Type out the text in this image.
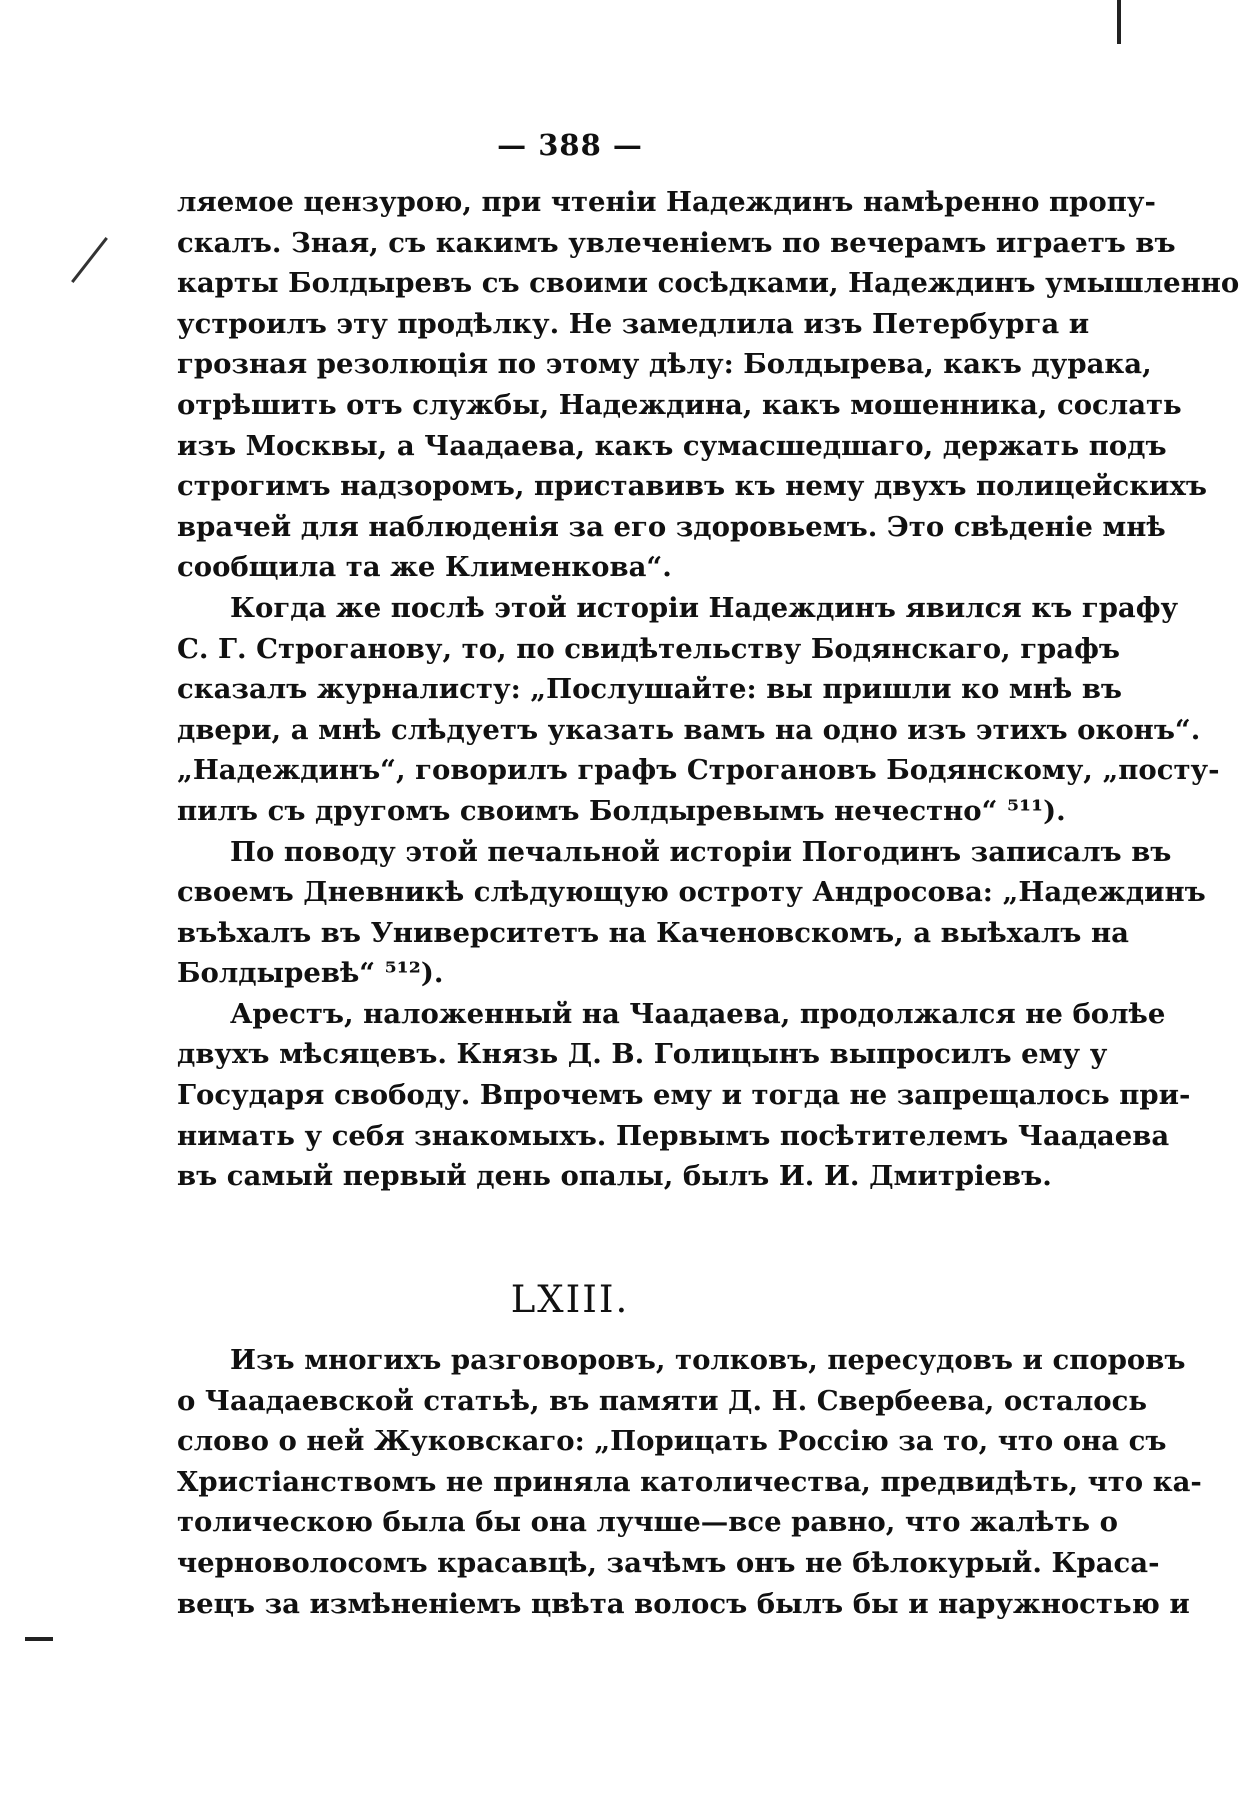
— 388 —
ляемое цензурою, при чтеніи Надеждинъ намѣренно пропу-
скалъ. Зная, съ какимъ увлеченіемъ по вечерамъ играетъ въ
карты Болдыревъ съ своими сосѣдками, Надеждинъ умышленно
устроилъ эту продѣлку. Не замедлила изъ Петербурга и
грозная резолюція по этому дѣлу: Болдырева, какъ дурака,
отрѣшить отъ службы, Надеждина, какъ мошенника, сослать
изъ Москвы, а Чаадаева, какъ сумасшедшаго, держать подъ
строгимъ надзоромъ, приставивъ къ нему двухъ полицейскихъ
врачей для наблюденія за его здоровьемъ. Это свѣденіе мнѣ
сообщила та же Клименкова“.
Когда же послѣ этой исторіи Надеждинъ явился къ графу
С. Г. Строганову, то, по свидѣтельству Бодянскаго, графъ
сказалъ журналисту: „Послушайте: вы пришли ко мнѣ въ
двери, а мнѣ слѣдуетъ указать вамъ на одно изъ этихъ оконъ“.
„Надеждинъ“, говорилъ графъ Строгановъ Бодянскому, „посту-
пилъ съ другомъ своимъ Болдыревымъ нечестно“ ⁵¹¹).
По поводу этой печальной исторіи Погодинъ записалъ въ
своемъ Дневникѣ слѣдующую остроту Андросова: „Надеждинъ
въѣхалъ въ Университетъ на Каченовскомъ, а выѣхалъ на
Болдыревѣ“ ⁵¹²).
Арестъ, наложенный на Чаадаева, продолжался не болѣе
двухъ мѣсяцевъ. Князь Д. В. Голицынъ выпросилъ ему у
Государя свободу. Впрочемъ ему и тогда не запрещалось при-
нимать у себя знакомыхъ. Первымъ посѣтителемъ Чаадаева
въ самый первый день опалы, былъ И. И. Дмитріевъ.
LXIII.
Изъ многихъ разговоровъ, толковъ, пересудовъ и споровъ
о Чаадаевской статьѣ, въ памяти Д. Н. Свербеева, осталось
слово о ней Жуковскаго: „Порицать Россію за то, что она съ
Христіанствомъ не приняла католичества, предвидѣть, что ка-
толическою была бы она лучше—все равно, что жалѣть о
черноволосомъ красавцѣ, зачѣмъ онъ не бѣлокурый. Краса-
вецъ за измѣненіемъ цвѣта волосъ былъ бы и наружностью и
